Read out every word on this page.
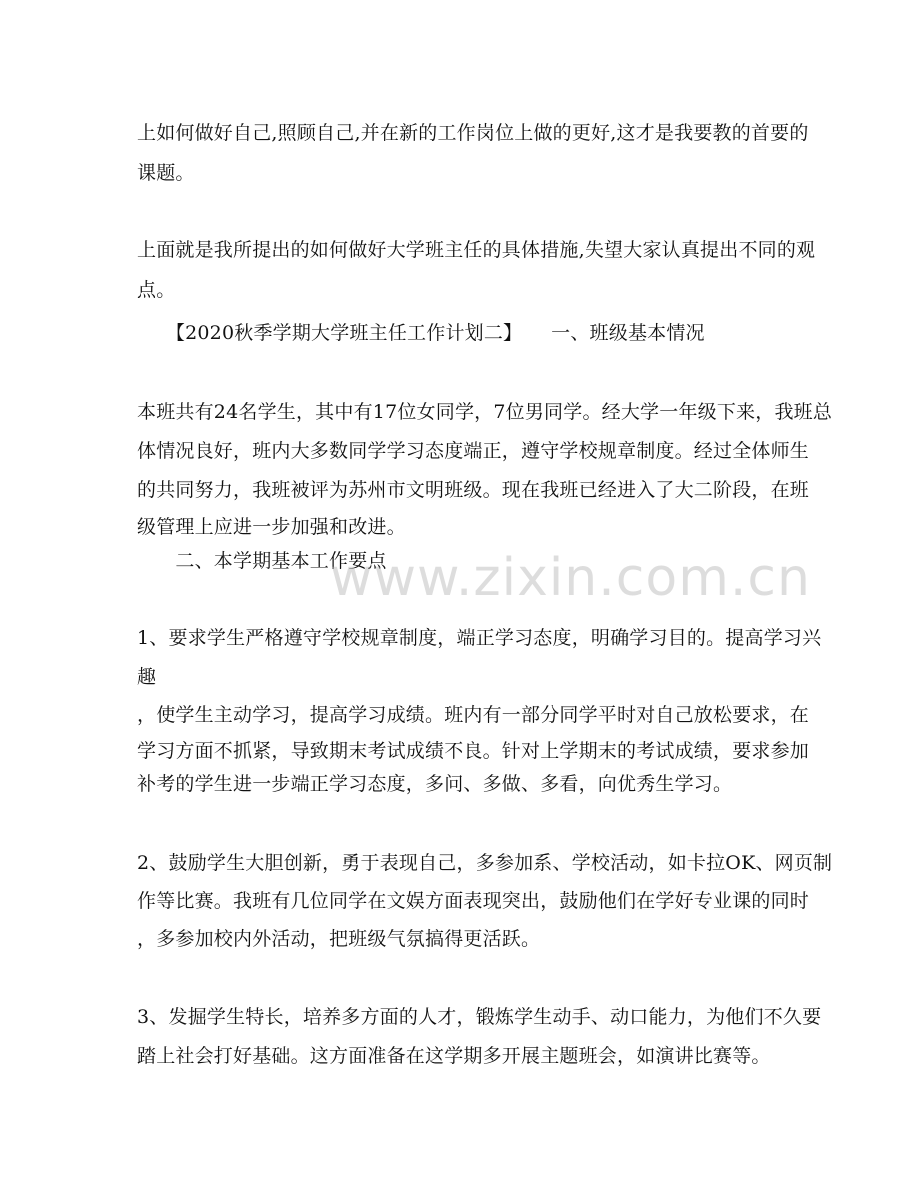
上如何做好自己,照顾自己,并在新的工作岗位上做的更好,这才是我要教的首要的
课题。
上面就是我所提出的如何做好大学班主任的具体措施,失望大家认真提出不同的观
点。
　　【2020秋季学期大学班主任工作计划二】　　一、班级基本情况
本班共有24名学生，其中有17位女同学，7位男同学。经大学一年级下来，我班总
体情况良好，班内大多数同学学习态度端正，遵守学校规章制度。经过全体师生
的共同努力，我班被评为苏州市文明班级。现在我班已经进入了大二阶段，在班
级管理上应进一步加强和改进。
　　二、本学期基本工作要点
1、要求学生严格遵守学校规章制度，端正学习态度，明确学习目的。提高学习兴
趣
，使学生主动学习，提高学习成绩。班内有一部分同学平时对自己放松要求，在
学习方面不抓紧，导致期末考试成绩不良。针对上学期末的考试成绩，要求参加
补考的学生进一步端正学习态度，多问、多做、多看，向优秀生学习。
2、鼓励学生大胆创新，勇于表现自己，多参加系、学校活动，如卡拉OK、网页制
作等比赛。我班有几位同学在文娱方面表现突出，鼓励他们在学好专业课的同时
，多参加校内外活动，把班级气氛搞得更活跃。
3、发掘学生特长，培养多方面的人才，锻炼学生动手、动口能力，为他们不久要
踏上社会打好基础。这方面准备在这学期多开展主题班会，如演讲比赛等。
www.zixin.com.cn
